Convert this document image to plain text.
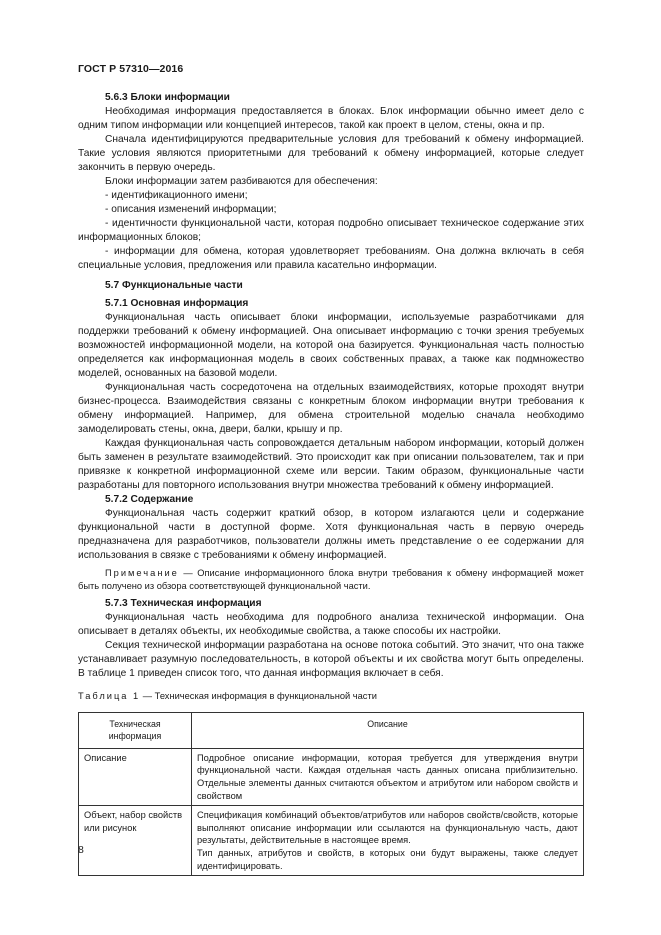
ГОСТ Р 57310—2016

5.6.3 Блоки информации

Необходимая информация предоставляется в блоках. Блок информации обычно имеет дело с одним типом информации или концепцией интересов, такой как проект в целом, стены, окна и пр.

Сначала идентифицируются предварительные условия для требований к обмену информацией. Такие условия являются приоритетными для требований к обмену информацией, которые следует закончить в первую очередь.

Блоки информации затем разбиваются для обеспечения:

- идентификационного имени;

- описания изменений информации;

- идентичности функциональной части, которая подробно описывает техническое содержание этих информационных блоков;

- информации для обмена, которая удовлетворяет требованиям. Она должна включать в себя специальные условия, предложения или правила касательно информации.

5.7 Функциональные части

5.7.1 Основная информация

Функциональная часть описывает блоки информации, используемые разработчиками для поддержки требований к обмену информацией. Она описывает информацию с точки зрения требуемых возможностей информационной модели, на которой она базируется. Функциональная часть полностью определяется как информационная модель в своих собственных правах, а также как подмножество моделей, основанных на базовой модели.

Функциональная часть сосредоточена на отдельных взаимодействиях, которые проходят внутри бизнес-процесса. Взаимодействия связаны с конкретным блоком информации внутри требования к обмену информацией. Например, для обмена строительной моделью сначала необходимо замоделировать стены, окна, двери, балки, крышу и пр.

Каждая функциональная часть сопровождается детальным набором информации, который должен быть заменен в результате взаимодействий. Это происходит как при описании пользователем, так и при привязке к конкретной информационной схеме или версии. Таким образом, функциональные части разработаны для повторного использования внутри множества требований к обмену информацией.

5.7.2 Содержание

Функциональная часть содержит краткий обзор, в котором излагаются цели и содержание функциональной части в доступной форме. Хотя функциональная часть в первую очередь предназначена для разработчиков, пользователи должны иметь представление о ее содержании для использования в связке с требованиями к обмену информацией.

Примечание — Описание информационного блока внутри требования к обмену информацией может быть получено из обзора соответствующей функциональной части.

5.7.3 Техническая информация

Функциональная часть необходима для подробного анализа технической информации. Она описывает в деталях объекты, их необходимые свойства, а также способы их настройки.

Секция технической информации разработана на основе потока событий. Это значит, что она также устанавливает разумную последовательность, в которой объекты и их свойства могут быть определены. В таблице 1 приведен список того, что данная информация включает в себя.

Таблица 1 — Техническая информация в функциональной части

Техническая информация	Описание
Описание	Подробное описание информации, которая требуется для утверждения внутри функциональной части. Каждая отдельная часть данных описана приблизительно. Отдельные элементы данных считаются объектом и атрибутом или набором свойств и свойством
Объект, набор свойств или рисунок	Спецификация комбинаций объектов/атрибутов или наборов свойств/свойств, которые выполняют описание информации или ссылаются на функциональную часть, дают результаты, действительные в настоящее время.
Тип данных, атрибутов и свойств, в которых они будут выражены, также следует идентифицировать.
8
